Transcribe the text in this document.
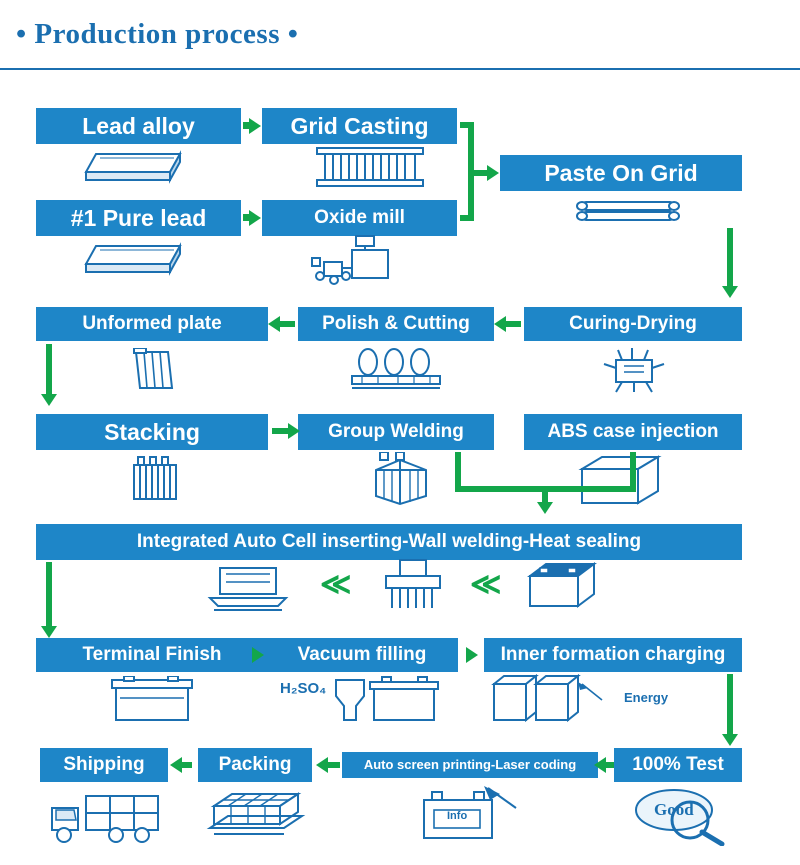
• Production process •
Lead alloy	Grid Casting
Paste On Grid
#1 Pure lead	Oxide mill
Unformed plate	Polish & Cutting	Curing-Drying
Stacking	Group Welding	ABS case injection
Integrated Auto Cell inserting-Wall welding-Heat sealing
≪	≪
Terminal Finish	Vacuum filling	Inner formation charging
H₂SO₄
Energy
Shipping	Packing	Auto screen printing-Laser coding	100% Test
Info	Good
